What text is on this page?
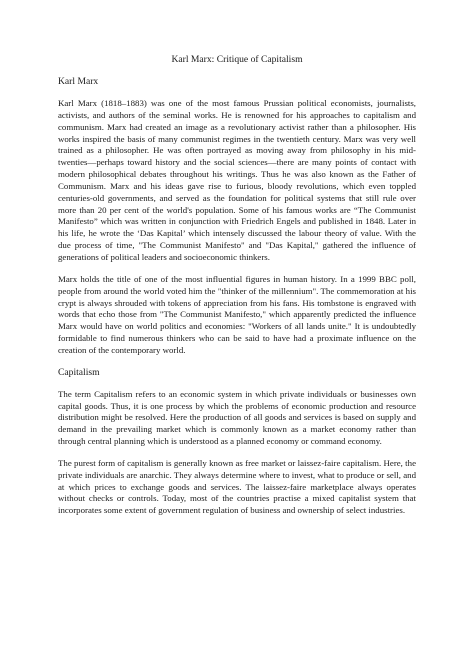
Karl Marx: Critique of Capitalism
Karl Marx

Karl Marx (1818–1883) was one of the most famous Prussian political economists, journalists, activists, and authors of the seminal works. He is renowned for his approaches to capitalism and communism. Marx had created an image as a revolutionary activist rather than a philosopher. His works inspired the basis of many communist regimes in the twentieth century. Marx was very well trained as a philosopher. He was often portrayed as moving away from philosophy in his mid-twenties—perhaps toward history and the social sciences—there are many points of contact with modern philosophical debates throughout his writings. Thus he was also known as the Father of Communism. Marx and his ideas gave rise to furious, bloody revolutions, which even toppled centuries-old governments, and served as the foundation for political systems that still rule over more than 20 per cent of the world's population. Some of his famous works are “The Communist Manifesto” which was written in conjunction with Friedrich Engels and published in 1848. Later in his life, he wrote the ‘Das Kapital’ which intensely discussed the labour theory of value. With the due process of time, "The Communist Manifesto" and "Das Kapital," gathered the influence of generations of political leaders and socioeconomic thinkers.

Marx holds the title of one of the most influential figures in human history. In a 1999 BBC poll, people from around the world voted him the "thinker of the millennium". The commemoration at his crypt is always shrouded with tokens of appreciation from his fans. His tombstone is engraved with words that echo those from "The Communist Manifesto," which apparently predicted the influence Marx would have on world politics and economies: "Workers of all lands unite." It is undoubtedly formidable to find numerous thinkers who can be said to have had a proximate influence on the creation of the contemporary world.

Capitalism

The term Capitalism refers to an economic system in which private individuals or businesses own capital goods. Thus, it is one process by which the problems of economic production and resource distribution might be resolved. Here the production of all goods and services is based on supply and demand in the prevailing market which is commonly known as a market economy rather than through central planning which is understood as a planned economy or command economy.

The purest form of capitalism is generally known as free market or laissez-faire capitalism. Here, the private individuals are anarchic. They always determine where to invest, what to produce or sell, and at which prices to exchange goods and services. The laissez-faire marketplace always operates without checks or controls. Today, most of the countries practise a mixed capitalist system that incorporates some extent of government regulation of business and ownership of select industries.
